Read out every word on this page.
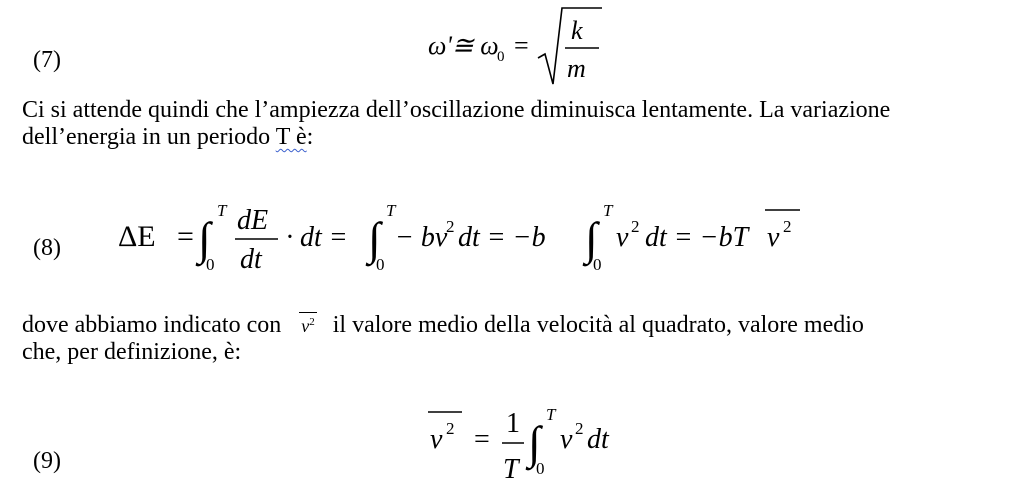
(7)	ω'≅ ω
0 =
k
m
Ci si attende quindi che l’ampiezza dell’oscillazione diminuisca lentamente. La variazione
dell’energia in un periodo T è:
(8) ΔE = ∫
T
0
dE
dt
· dt = ∫
T
0
− bv
2 dt = −b ∫
T
0
v 2 dt = −bT v 2
dove abbiamo indicato con $v^2$ il valore medio della velocità al quadrato, valore medio
che, per definizione, è:
(9)
v 2 =
1
T
∫
T
0
v 2 dt
